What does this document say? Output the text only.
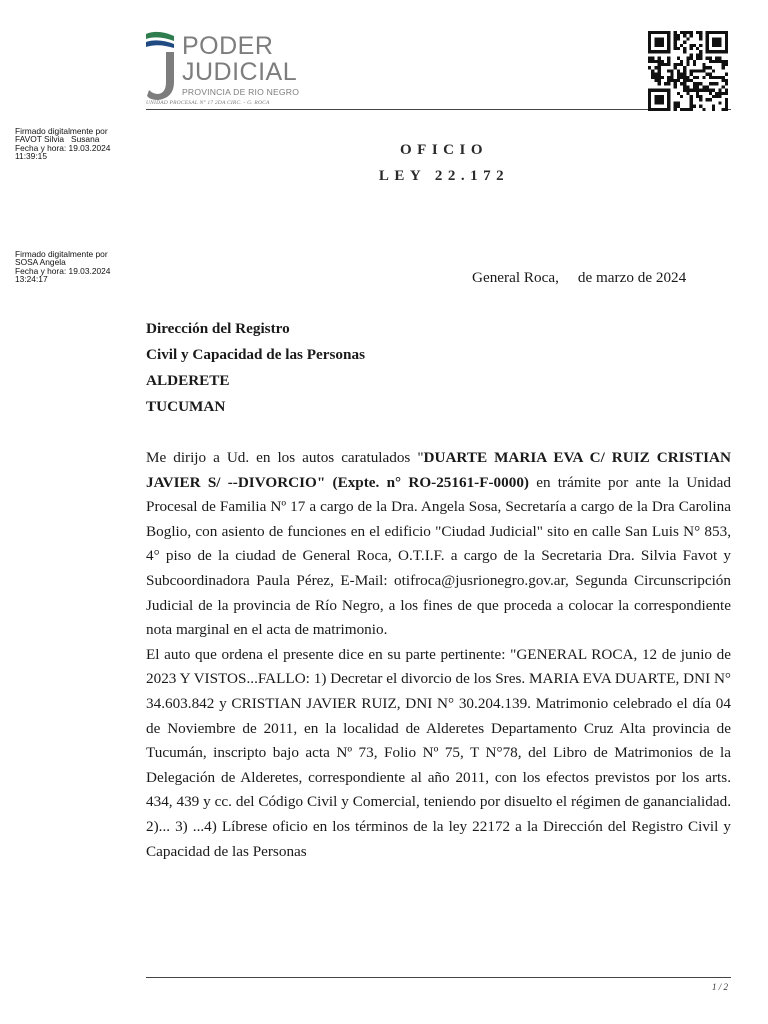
PODER
JUDICIAL
PROVINCIA DE RIO NEGRO
UNIDAD PROCESAL N° 17 2DA CIRC. - G. ROCA
Firmado digitalmente por
FAVOT Silvia   Susana
Fecha y hora: 19.03.2024
11:39:15
Firmado digitalmente por
SOSA Angela
Fecha y hora: 19.03.2024
13:24:17
OFICIO
LEY 22.172
General Roca,     de marzo de 2024
Dirección del Registro
Civil y Capacidad de las Personas
ALDERETE
TUCUMAN

Me dirijo a Ud. en los autos caratulados "DUARTE MARIA EVA C/ RUIZ CRISTIAN JAVIER S/ --DIVORCIO" (Expte. n° RO-25161-F-0000) en trámite por ante la Unidad Procesal de Familia Nº 17 a cargo de la Dra. Angela Sosa, Secretaría a cargo de la Dra Carolina Boglio, con asiento de funciones en el edificio "Ciudad Judicial" sito en calle San Luis N° 853, 4° piso de la ciudad de General Roca, O.T.I.F. a cargo de la Secretaria Dra. Silvia Favot y Subcoordinadora Paula Pérez, E-Mail: otifroca@jusrionegro.gov.ar, Segunda Circunscripción Judicial de la provincia de Río Negro, a los fines de que proceda a colocar la correspondiente nota marginal en el acta de matrimonio.

El auto que ordena el presente dice en su parte pertinente: "GENERAL ROCA, 12 de junio de 2023 Y VISTOS...FALLO: 1) Decretar el divorcio de los Sres. MARIA EVA DUARTE, DNI N° 34.603.842 y CRISTIAN JAVIER RUIZ, DNI N° 30.204.139. Matrimonio celebrado el día 04 de Noviembre de 2011, en la localidad de Alderetes Departamento Cruz Alta provincia de Tucumán, inscripto bajo acta Nº 73, Folio Nº 75, T N°78, del Libro de Matrimonios de la Delegación de Alderetes, correspondiente al año 2011, con los efectos previstos por los arts. 434, 439 y cc. del Código Civil y Comercial, teniendo por disuelto el régimen de ganancialidad. 2)... 3) ...4) Líbrese oficio en los términos de la ley 22172 a la Dirección del Registro Civil y Capacidad de las Personas

1 / 2
